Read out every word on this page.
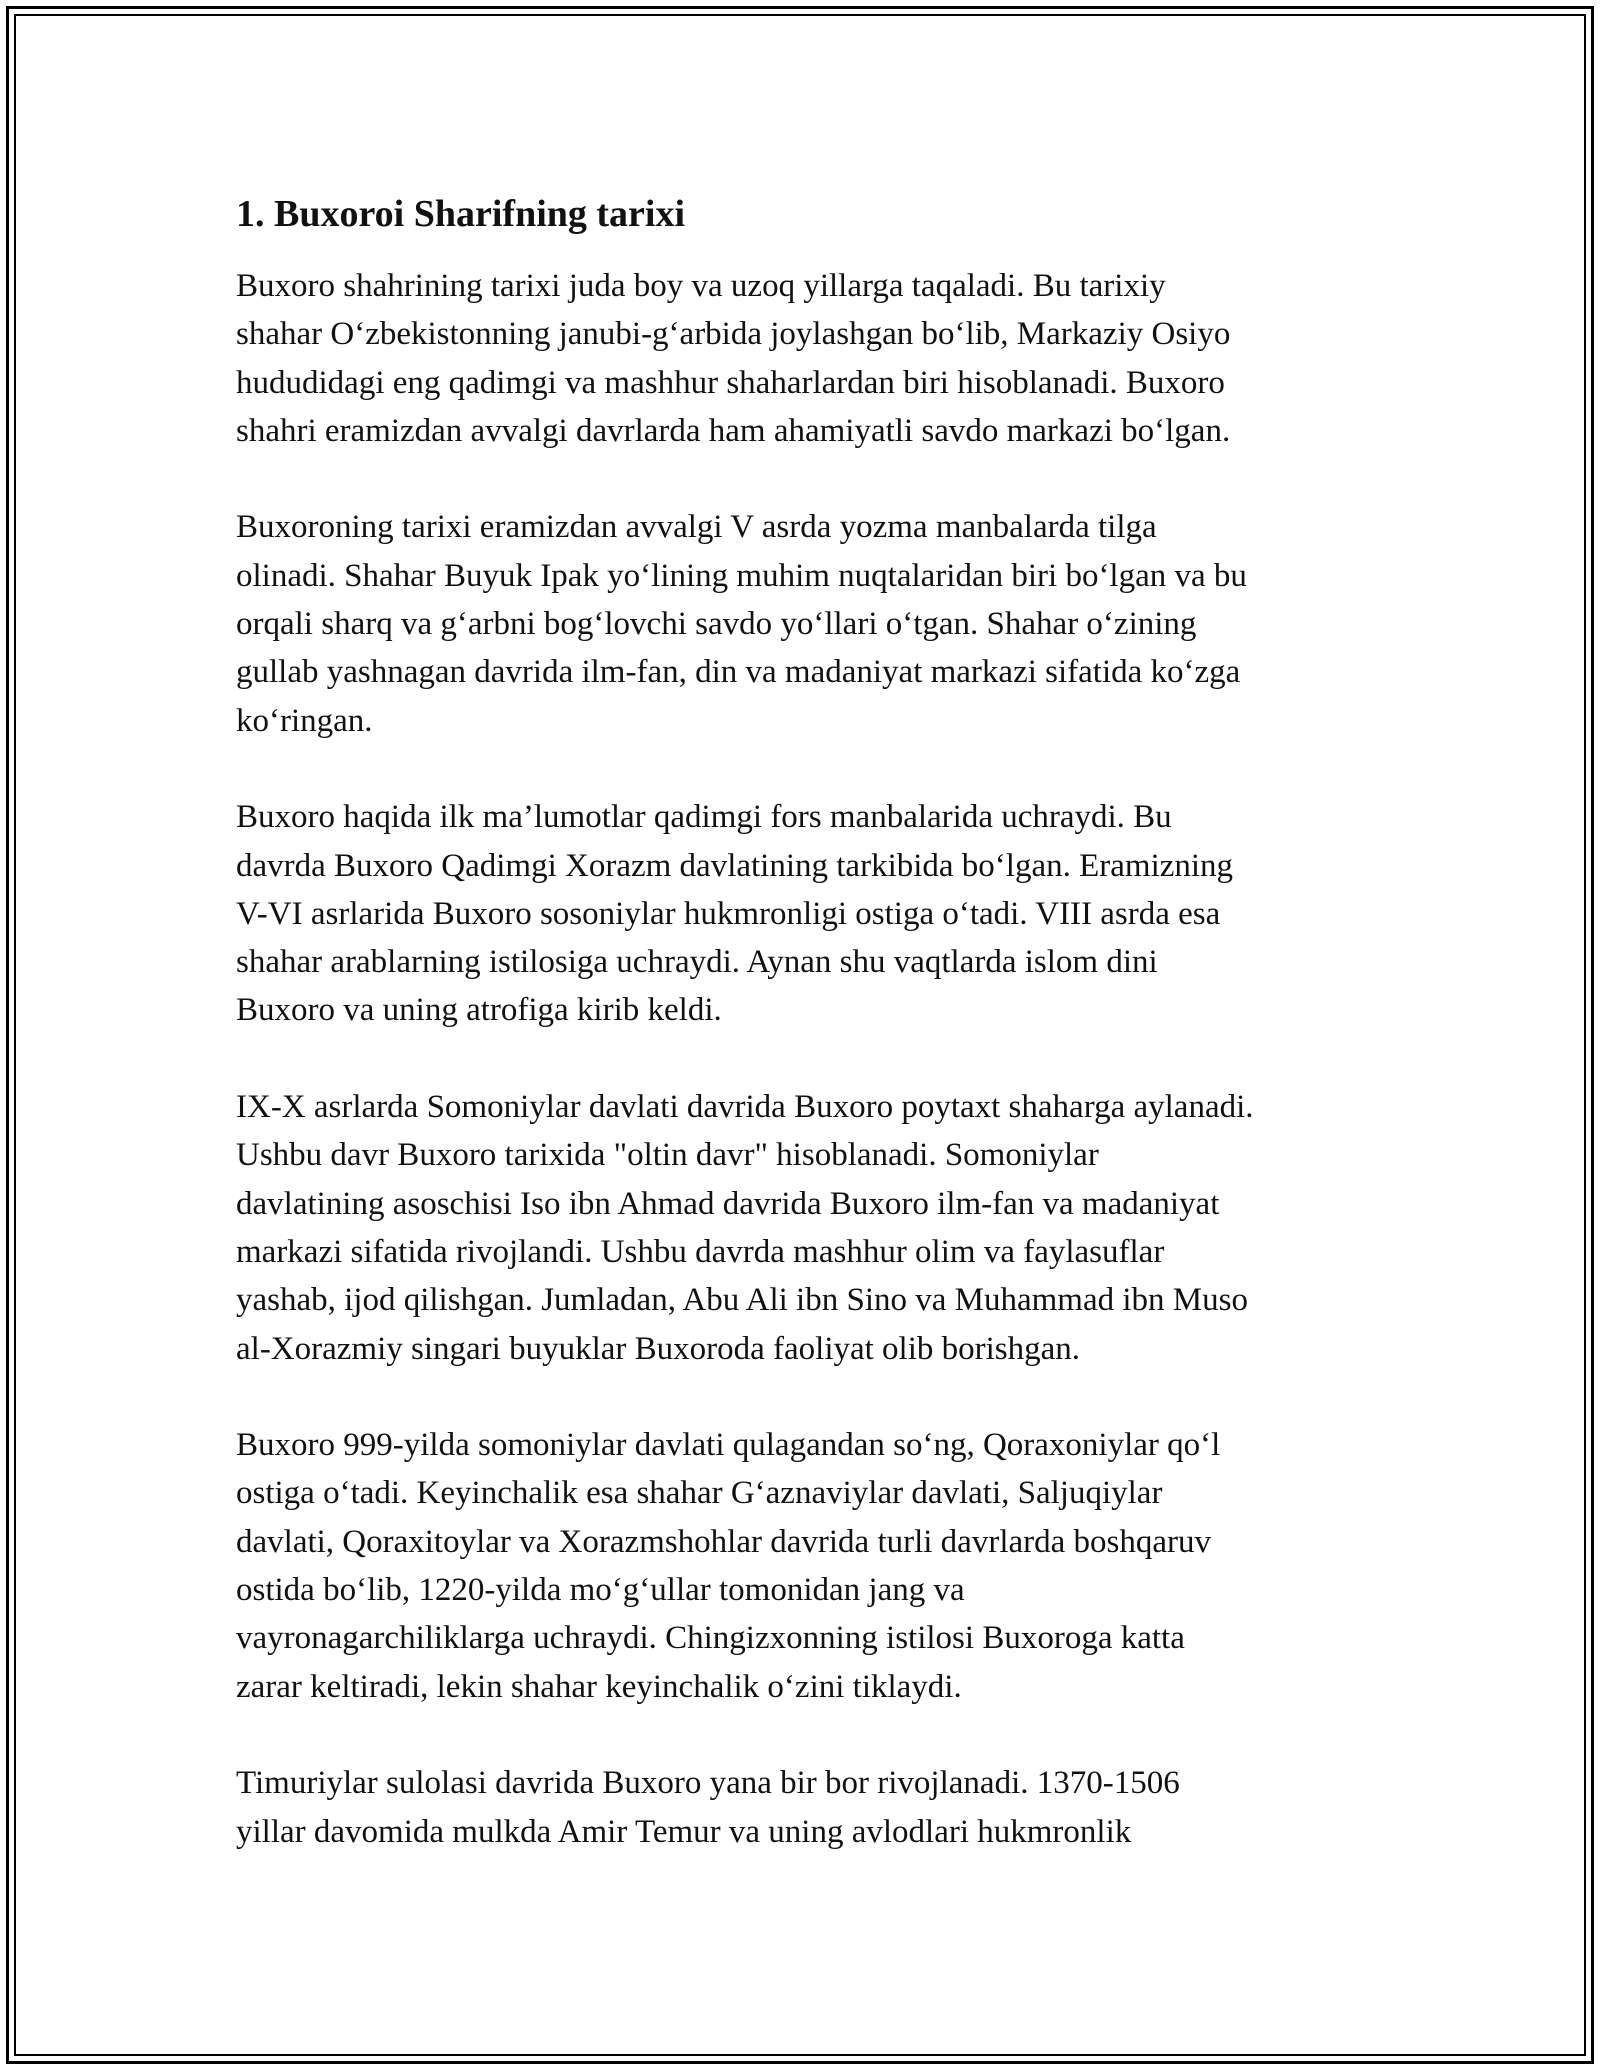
1. Buxoroi Sharifning tarixi

Buxoro shahrining tarixi juda boy va uzoq yillarga taqaladi. Bu tarixiy
shahar O‘zbekistonning janubi-g‘arbida joylashgan bo‘lib, Markaziy Osiyo
hududidagi eng qadimgi va mashhur shaharlardan biri hisoblanadi. Buxoro
shahri eramizdan avvalgi davrlarda ham ahamiyatli savdo markazi bo‘lgan.

Buxoroning tarixi eramizdan avvalgi V asrda yozma manbalarda tilga
olinadi. Shahar Buyuk Ipak yo‘lining muhim nuqtalaridan biri bo‘lgan va bu
orqali sharq va g‘arbni bog‘lovchi savdo yo‘llari o‘tgan. Shahar o‘zining
gullab yashnagan davrida ilm-fan, din va madaniyat markazi sifatida ko‘zga
ko‘ringan.

Buxoro haqida ilk ma’lumotlar qadimgi fors manbalarida uchraydi. Bu
davrda Buxoro Qadimgi Xorazm davlatining tarkibida bo‘lgan. Eramizning
V-VI asrlarida Buxoro sosoniylar hukmronligi ostiga o‘tadi. VIII asrda esa
shahar arablarning istilosiga uchraydi. Aynan shu vaqtlarda islom dini
Buxoro va uning atrofiga kirib keldi.

IX-X asrlarda Somoniylar davlati davrida Buxoro poytaxt shaharga aylanadi.
Ushbu davr Buxoro tarixida "oltin davr" hisoblanadi. Somoniylar
davlatining asoschisi Iso ibn Ahmad davrida Buxoro ilm-fan va madaniyat
markazi sifatida rivojlandi. Ushbu davrda mashhur olim va faylasuflar
yashab, ijod qilishgan. Jumladan, Abu Ali ibn Sino va Muhammad ibn Muso
al-Xorazmiy singari buyuklar Buxoroda faoliyat olib borishgan.

Buxoro 999-yilda somoniylar davlati qulagandan so‘ng, Qoraxoniylar qo‘l
ostiga o‘tadi. Keyinchalik esa shahar G‘aznaviylar davlati, Saljuqiylar
davlati, Qoraxitoylar va Xorazmshohlar davrida turli davrlarda boshqaruv
ostida bo‘lib, 1220-yilda mo‘g‘ullar tomonidan jang va
vayronagarchiliklarga uchraydi. Chingizxonning istilosi Buxoroga katta
zarar keltiradi, lekin shahar keyinchalik o‘zini tiklaydi.

Timuriylar sulolasi davrida Buxoro yana bir bor rivojlanadi. 1370-1506
yillar davomida mulkda Amir Temur va uning avlodlari hukmronlik
